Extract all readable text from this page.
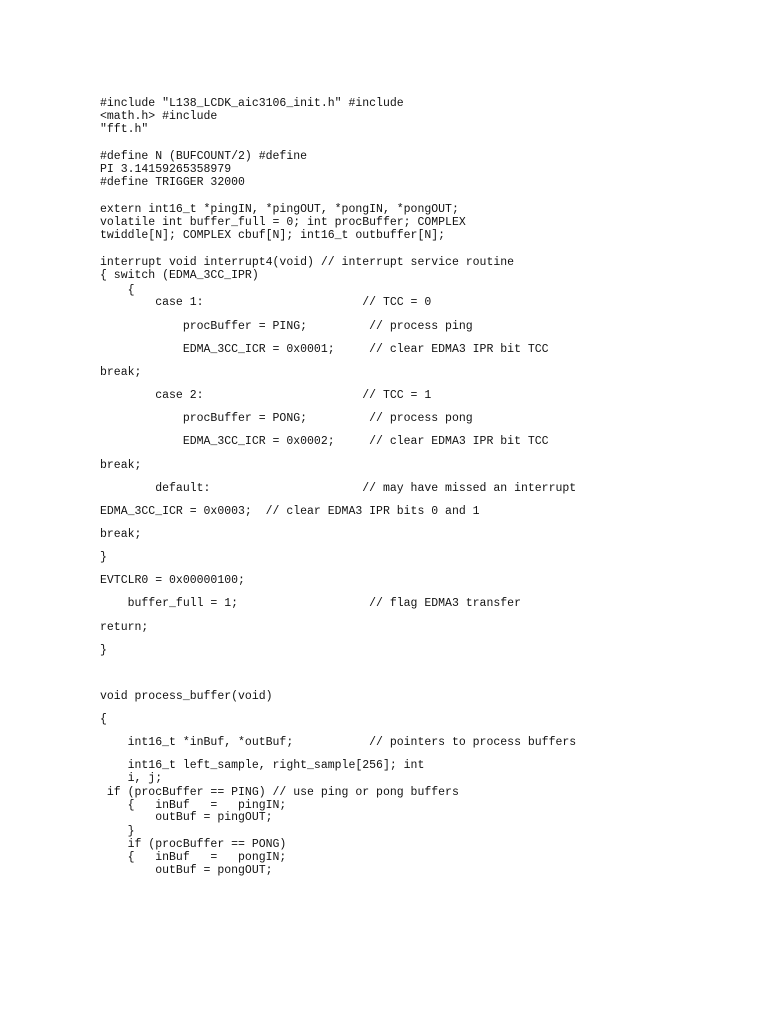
#include "L138_LCDK_aic3106_init.h" #include
<math.h> #include
"fft.h"
#define N (BUFCOUNT/2) #define
PI 3.14159265358979
#define TRIGGER 32000
extern int16_t *pingIN, *pingOUT, *pongIN, *pongOUT;
volatile int buffer_full = 0; int procBuffer; COMPLEX
twiddle[N]; COMPLEX cbuf[N]; int16_t outbuffer[N];
interrupt void interrupt4(void) // interrupt service routine
{ switch (EDMA_3CC_IPR)
{
case 1:                       // TCC = 0
procBuffer = PING;         // process ping
EDMA_3CC_ICR = 0x0001;     // clear EDMA3 IPR bit TCC
break;
case 2:                       // TCC = 1
procBuffer = PONG;         // process pong
EDMA_3CC_ICR = 0x0002;     // clear EDMA3 IPR bit TCC
break;
default:                      // may have missed an interrupt
EDMA_3CC_ICR = 0x0003;  // clear EDMA3 IPR bits 0 and 1
break;
}
EVTCLR0 = 0x00000100;
buffer_full = 1;                   // flag EDMA3 transfer
return;
}
void process_buffer(void)
{
int16_t *inBuf, *outBuf;           // pointers to process buffers
int16_t left_sample, right_sample[256]; int
i, j;
if (procBuffer == PING) // use ping or pong buffers
{   inBuf   =   pingIN;
outBuf = pingOUT;
}
if (procBuffer == PONG)
{   inBuf   =   pongIN;
outBuf = pongOUT;
